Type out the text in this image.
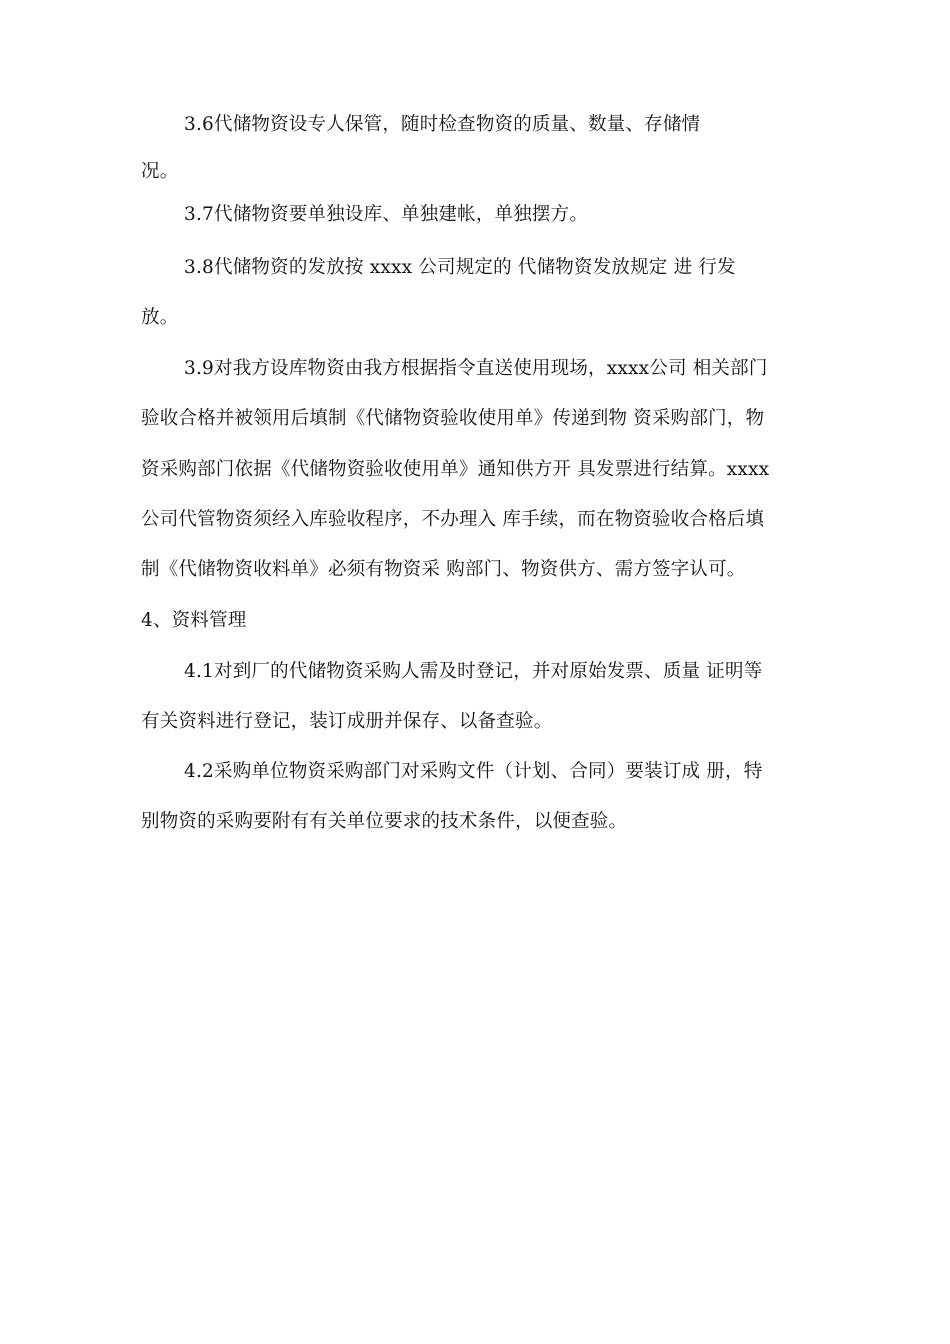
3.6代储物资设专人保管，随时检查物资的质量、数量、存储情
况。
3.7代储物资要单独设库、单独建帐，单独摆方。
3.8代储物资的发放按 xxxx 公司规定的 代储物资发放规定 进 行发
放。
3.9对我方设库物资由我方根据指令直送使用现场，xxxx公司 相关部门
验收合格并被领用后填制《代储物资验收使用单》传递到物 资采购部门，物
资采购部门依据《代储物资验收使用单》通知供方开 具发票进行结算。xxxx
公司代管物资须经入库验收程序，不办理入 库手续，而在物资验收合格后填
制《代储物资收料单》必须有物资采 购部门、物资供方、需方签字认可。
4、资料管理
4.1对到厂的代储物资采购人需及时登记，并对原始发票、质量 证明等
有关资料进行登记，装订成册并保存、以备查验。
4.2采购单位物资采购部门对采购文件（计划、合同）要装订成 册，特
别物资的采购要附有有关单位要求的技术条件，以便查验。
